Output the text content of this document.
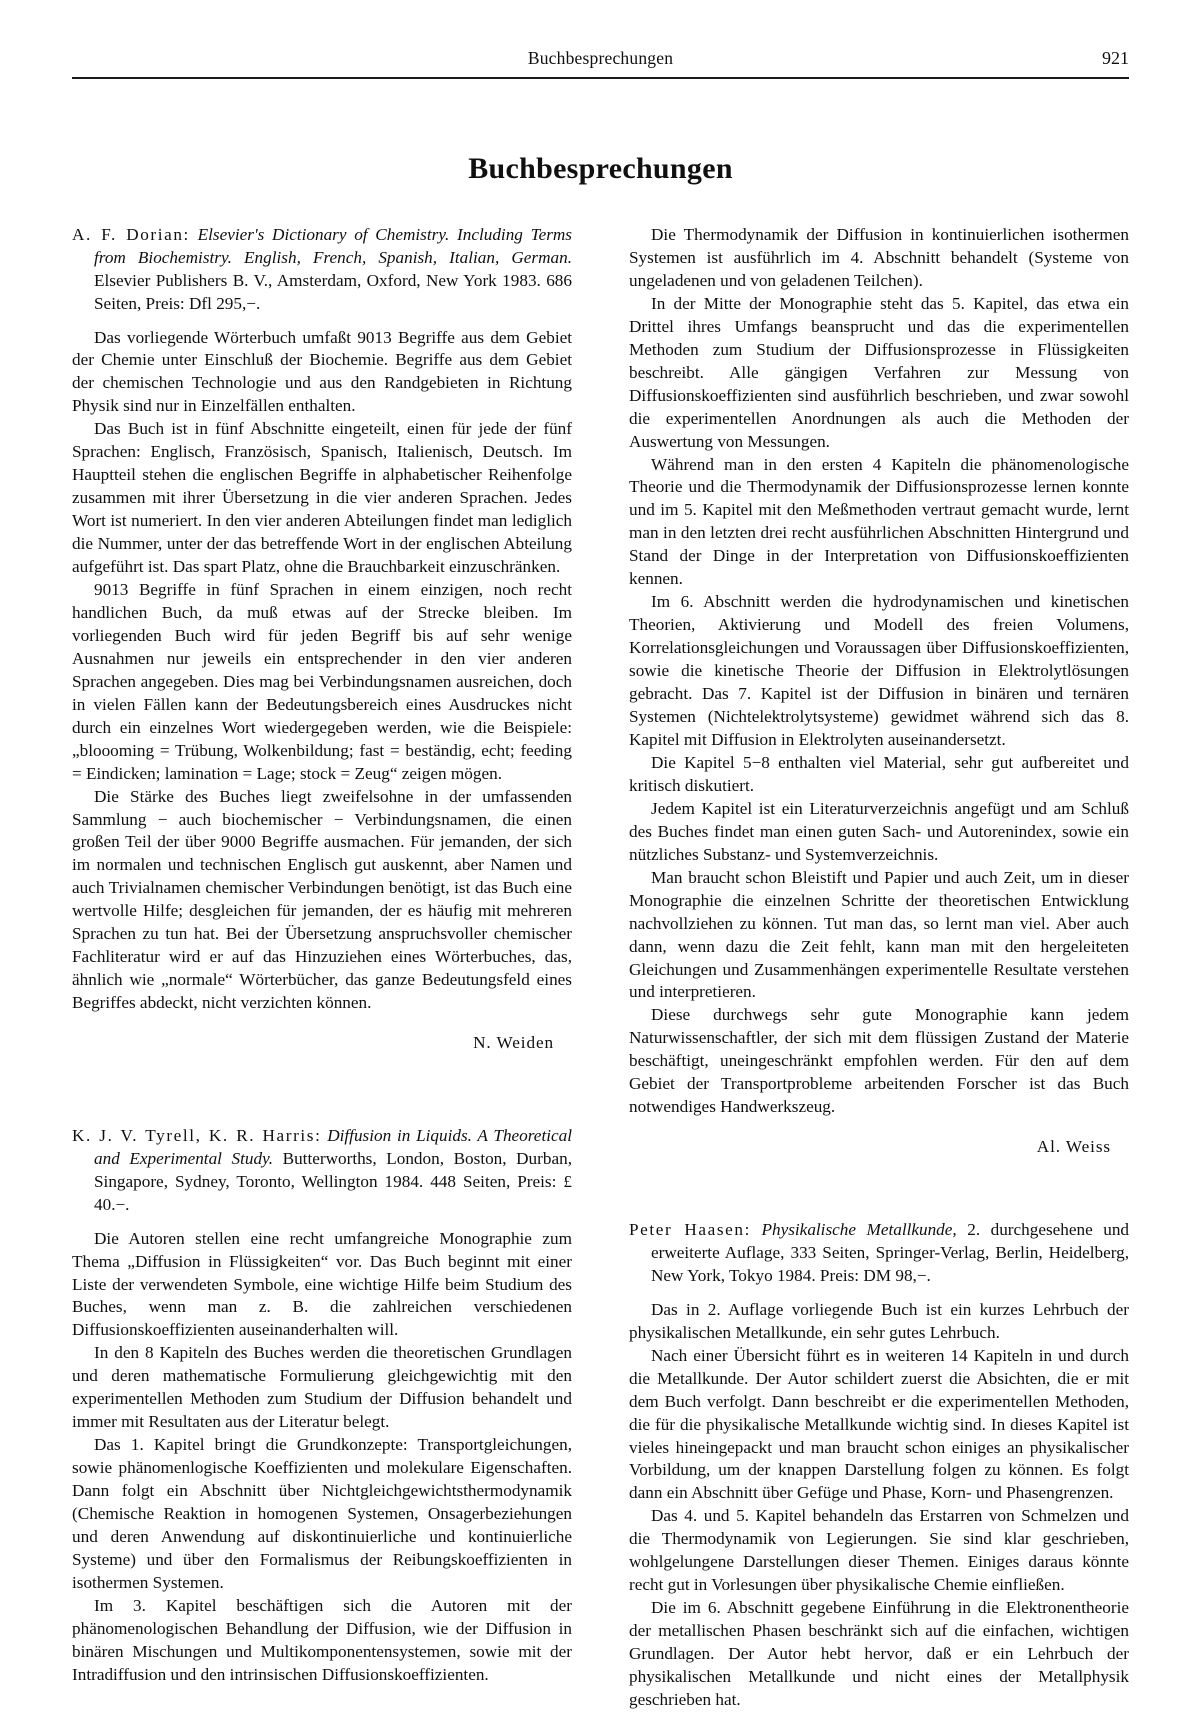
Buchbesprechungen	921
Buchbesprechungen

A. F. Dorian: Elsevier's Dictionary of Chemistry. Including Terms from Biochemistry. English, French, Spanish, Italian, German. Elsevier Publishers B. V., Amsterdam, Oxford, New York 1983. 686 Seiten, Preis: Dfl 295,−.

Das vorliegende Wörterbuch umfaßt 9013 Begriffe aus dem Gebiet der Chemie unter Einschluß der Biochemie. Begriffe aus dem Gebiet der chemischen Technologie und aus den Randgebieten in Richtung Physik sind nur in Einzelfällen enthalten.

Das Buch ist in fünf Abschnitte eingeteilt, einen für jede der fünf Sprachen: Englisch, Französisch, Spanisch, Italienisch, Deutsch. Im Hauptteil stehen die englischen Begriffe in alphabetischer Reihenfolge zusammen mit ihrer Übersetzung in die vier anderen Sprachen. Jedes Wort ist numeriert. In den vier anderen Abteilungen findet man lediglich die Nummer, unter der das betreffende Wort in der englischen Abteilung aufgeführt ist. Das spart Platz, ohne die Brauchbarkeit einzuschränken.

9013 Begriffe in fünf Sprachen in einem einzigen, noch recht handlichen Buch, da muß etwas auf der Strecke bleiben. Im vorliegenden Buch wird für jeden Begriff bis auf sehr wenige Ausnahmen nur jeweils ein entsprechender in den vier anderen Sprachen angegeben. Dies mag bei Verbindungsnamen ausreichen, doch in vielen Fällen kann der Bedeutungsbereich eines Ausdruckes nicht durch ein einzelnes Wort wiedergegeben werden, wie die Beispiele: „bloooming = Trübung, Wolkenbildung; fast = beständig, echt; feeding = Eindicken; lamination = Lage; stock = Zeug“ zeigen mögen.

Die Stärke des Buches liegt zweifelsohne in der umfassenden Sammlung − auch biochemischer − Verbindungsnamen, die einen großen Teil der über 9000 Begriffe ausmachen. Für jemanden, der sich im normalen und technischen Englisch gut auskennt, aber Namen und auch Trivialnamen chemischer Verbindungen benötigt, ist das Buch eine wertvolle Hilfe; desgleichen für jemanden, der es häufig mit mehreren Sprachen zu tun hat. Bei der Übersetzung anspruchsvoller chemischer Fachliteratur wird er auf das Hinzuziehen eines Wörterbuches, das, ähnlich wie „normale“ Wörterbücher, das ganze Bedeutungsfeld eines Begriffes abdeckt, nicht verzichten können.

N. Weiden

K. J. V. Tyrell, K. R. Harris: Diffusion in Liquids. A Theoretical and Experimental Study. Butterworths, London, Boston, Durban, Singapore, Sydney, Toronto, Wellington 1984. 448 Seiten, Preis: £ 40.−.

Die Autoren stellen eine recht umfangreiche Monographie zum Thema „Diffusion in Flüssigkeiten“ vor. Das Buch beginnt mit einer Liste der verwendeten Symbole, eine wichtige Hilfe beim Studium des Buches, wenn man z. B. die zahlreichen verschiedenen Diffusionskoeffizienten auseinanderhalten will.

In den 8 Kapiteln des Buches werden die theoretischen Grundlagen und deren mathematische Formulierung gleichgewichtig mit den experimentellen Methoden zum Studium der Diffusion behandelt und immer mit Resultaten aus der Literatur belegt.

Das 1. Kapitel bringt die Grundkonzepte: Transportgleichungen, sowie phänomenlogische Koeffizienten und molekulare Eigenschaften. Dann folgt ein Abschnitt über Nichtgleichgewichtsthermodynamik (Chemische Reaktion in homogenen Systemen, Onsagerbeziehungen und deren Anwendung auf diskontinuierliche und kontinuierliche Systeme) und über den Formalismus der Reibungskoeffizienten in isothermen Systemen.

Im 3. Kapitel beschäftigen sich die Autoren mit der phänomenologischen Behandlung der Diffusion, wie der Diffusion in binären Mischungen und Multikomponentensystemen, sowie mit der Intradiffusion und den intrinsischen Diffusionskoeffizienten.

Die Thermodynamik der Diffusion in kontinuierlichen isothermen Systemen ist ausführlich im 4. Abschnitt behandelt (Systeme von ungeladenen und von geladenen Teilchen).

In der Mitte der Monographie steht das 5. Kapitel, das etwa ein Drittel ihres Umfangs beansprucht und das die experimentellen Methoden zum Studium der Diffusionsprozesse in Flüssigkeiten beschreibt. Alle gängigen Verfahren zur Messung von Diffusionskoeffizienten sind ausführlich beschrieben, und zwar sowohl die experimentellen Anordnungen als auch die Methoden der Auswertung von Messungen.

Während man in den ersten 4 Kapiteln die phänomenologische Theorie und die Thermodynamik der Diffusionsprozesse lernen konnte und im 5. Kapitel mit den Meßmethoden vertraut gemacht wurde, lernt man in den letzten drei recht ausführlichen Abschnitten Hintergrund und Stand der Dinge in der Interpretation von Diffusionskoeffizienten kennen.

Im 6. Abschnitt werden die hydrodynamischen und kinetischen Theorien, Aktivierung und Modell des freien Volumens, Korrelationsgleichungen und Voraussagen über Diffusionskoeffizienten, sowie die kinetische Theorie der Diffusion in Elektrolytlösungen gebracht. Das 7. Kapitel ist der Diffusion in binären und ternären Systemen (Nichtelektrolytsysteme) gewidmet während sich das 8. Kapitel mit Diffusion in Elektrolyten auseinandersetzt.

Die Kapitel 5−8 enthalten viel Material, sehr gut aufbereitet und kritisch diskutiert.

Jedem Kapitel ist ein Literaturverzeichnis angefügt und am Schluß des Buches findet man einen guten Sach- und Autorenindex, sowie ein nützliches Substanz- und Systemverzeichnis.

Man braucht schon Bleistift und Papier und auch Zeit, um in dieser Monographie die einzelnen Schritte der theoretischen Entwicklung nachvollziehen zu können. Tut man das, so lernt man viel. Aber auch dann, wenn dazu die Zeit fehlt, kann man mit den hergeleiteten Gleichungen und Zusammenhängen experimentelle Resultate verstehen und interpretieren.

Diese durchwegs sehr gute Monographie kann jedem Naturwissenschaftler, der sich mit dem flüssigen Zustand der Materie beschäftigt, uneingeschränkt empfohlen werden. Für den auf dem Gebiet der Transportprobleme arbeitenden Forscher ist das Buch notwendiges Handwerkszeug.

Al. Weiss

Peter Haasen: Physikalische Metallkunde, 2. durchgesehene und erweiterte Auflage, 333 Seiten, Springer-Verlag, Berlin, Heidelberg, New York, Tokyo 1984. Preis: DM 98,−.

Das in 2. Auflage vorliegende Buch ist ein kurzes Lehrbuch der physikalischen Metallkunde, ein sehr gutes Lehrbuch.

Nach einer Übersicht führt es in weiteren 14 Kapiteln in und durch die Metallkunde. Der Autor schildert zuerst die Absichten, die er mit dem Buch verfolgt. Dann beschreibt er die experimentellen Methoden, die für die physikalische Metallkunde wichtig sind. In dieses Kapitel ist vieles hineingepackt und man braucht schon einiges an physikalischer Vorbildung, um der knappen Darstellung folgen zu können. Es folgt dann ein Abschnitt über Gefüge und Phase, Korn- und Phasengrenzen.

Das 4. und 5. Kapitel behandeln das Erstarren von Schmelzen und die Thermodynamik von Legierungen. Sie sind klar geschrieben, wohlgelungene Darstellungen dieser Themen. Einiges daraus könnte recht gut in Vorlesungen über physikalische Chemie einfließen.

Die im 6. Abschnitt gegebene Einführung in die Elektronentheorie der metallischen Phasen beschränkt sich auf die einfachen, wichtigen Grundlagen. Der Autor hebt hervor, daß er ein Lehrbuch der physikalischen Metallkunde und nicht eines der Metallphysik geschrieben hat.
